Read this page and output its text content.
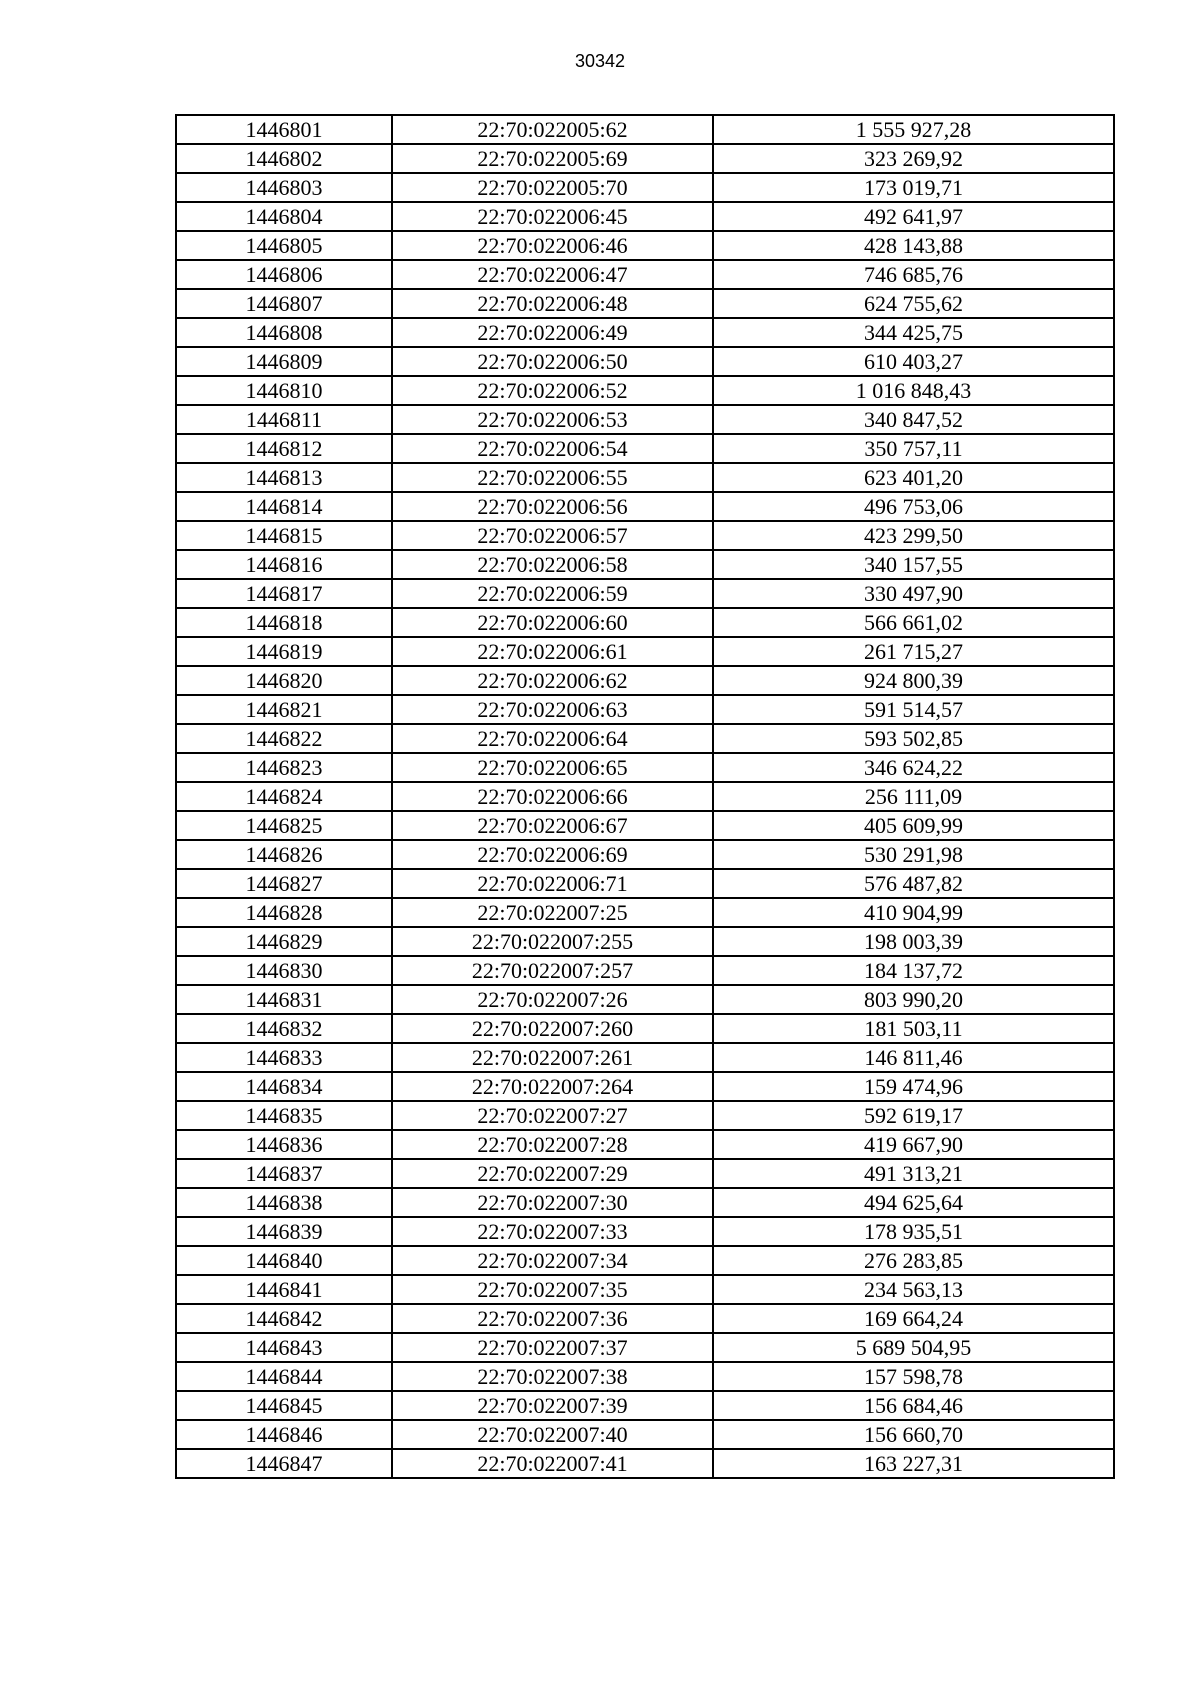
30342
1446801	22:70:022005:62	1 555 927,28
1446802	22:70:022005:69	323 269,92
1446803	22:70:022005:70	173 019,71
1446804	22:70:022006:45	492 641,97
1446805	22:70:022006:46	428 143,88
1446806	22:70:022006:47	746 685,76
1446807	22:70:022006:48	624 755,62
1446808	22:70:022006:49	344 425,75
1446809	22:70:022006:50	610 403,27
1446810	22:70:022006:52	1 016 848,43
1446811	22:70:022006:53	340 847,52
1446812	22:70:022006:54	350 757,11
1446813	22:70:022006:55	623 401,20
1446814	22:70:022006:56	496 753,06
1446815	22:70:022006:57	423 299,50
1446816	22:70:022006:58	340 157,55
1446817	22:70:022006:59	330 497,90
1446818	22:70:022006:60	566 661,02
1446819	22:70:022006:61	261 715,27
1446820	22:70:022006:62	924 800,39
1446821	22:70:022006:63	591 514,57
1446822	22:70:022006:64	593 502,85
1446823	22:70:022006:65	346 624,22
1446824	22:70:022006:66	256 111,09
1446825	22:70:022006:67	405 609,99
1446826	22:70:022006:69	530 291,98
1446827	22:70:022006:71	576 487,82
1446828	22:70:022007:25	410 904,99
1446829	22:70:022007:255	198 003,39
1446830	22:70:022007:257	184 137,72
1446831	22:70:022007:26	803 990,20
1446832	22:70:022007:260	181 503,11
1446833	22:70:022007:261	146 811,46
1446834	22:70:022007:264	159 474,96
1446835	22:70:022007:27	592 619,17
1446836	22:70:022007:28	419 667,90
1446837	22:70:022007:29	491 313,21
1446838	22:70:022007:30	494 625,64
1446839	22:70:022007:33	178 935,51
1446840	22:70:022007:34	276 283,85
1446841	22:70:022007:35	234 563,13
1446842	22:70:022007:36	169 664,24
1446843	22:70:022007:37	5 689 504,95
1446844	22:70:022007:38	157 598,78
1446845	22:70:022007:39	156 684,46
1446846	22:70:022007:40	156 660,70
1446847	22:70:022007:41	163 227,31
